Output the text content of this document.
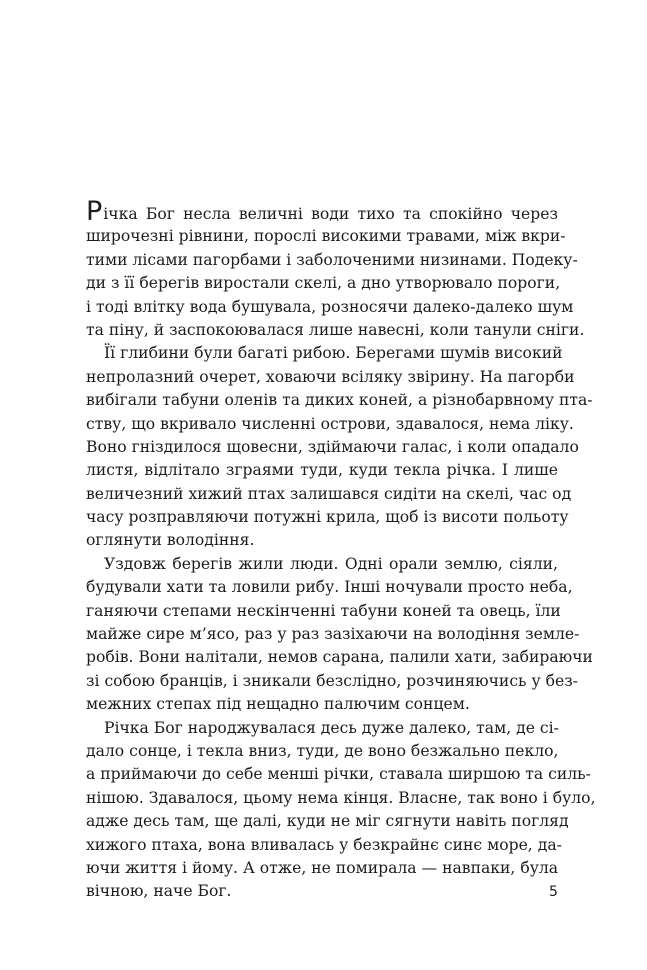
Річка Бог несла величні води тихо та спокійно через
широчезні рівнини, порослі високими травами, між вкри-
тими лісами пагорбами і заболоченими низинами. Подеку-
ди з її берегів виростали скелі, а дно утворювало пороги,
і тоді влітку вода бушувала, розносячи далеко-далеко шум
та піну, й заспокоювалася лише навесні, коли танули сніги.
Її глибини були багаті рибою. Берегами шумів високий
непролазний очерет, ховаючи всіляку звірину. На пагорби
вибігали табуни оленів та диких коней, а різнобарвному пта-
ству, що вкривало численні острови, здавалося, нема ліку.
Воно гніздилося щовесни, здіймаючи галас, і коли опадало
листя, відлітало зграями туди, куди текла річка. І лише
величезний хижий птах залишався сидіти на скелі, час од
часу розправляючи потужні крила, щоб із висоти польоту
оглянути володіння.
Уздовж берегів жили люди. Одні орали землю, сіяли,
будували хати та ловили рибу. Інші ночували просто неба,
ганяючи степами нескінченні табуни коней та овець, їли
майже сире м’ясо, раз у раз зазіхаючи на володіння земле-
робів. Вони налітали, немов сарана, палили хати, забираючи
зі собою бранців, і зникали безслідно, розчиняючись у без-
межних степах під нещадно палючим сонцем.
Річка Бог народжувалася десь дуже далеко, там, де сі-
дало сонце, і текла вниз, туди, де воно безжально пекло,
а приймаючи до себе менші річки, ставала ширшою та силь-
нішою. Здавалося, цьому нема кінця. Власне, так воно і було,
адже десь там, ще далі, куди не міг сягнути навіть погляд
хижого птаха, вона вливалась у безкрайнє синє море, да-
ючи життя і йому. А отже, не помирала — навпаки, була
вічною, наче Бог.	5
